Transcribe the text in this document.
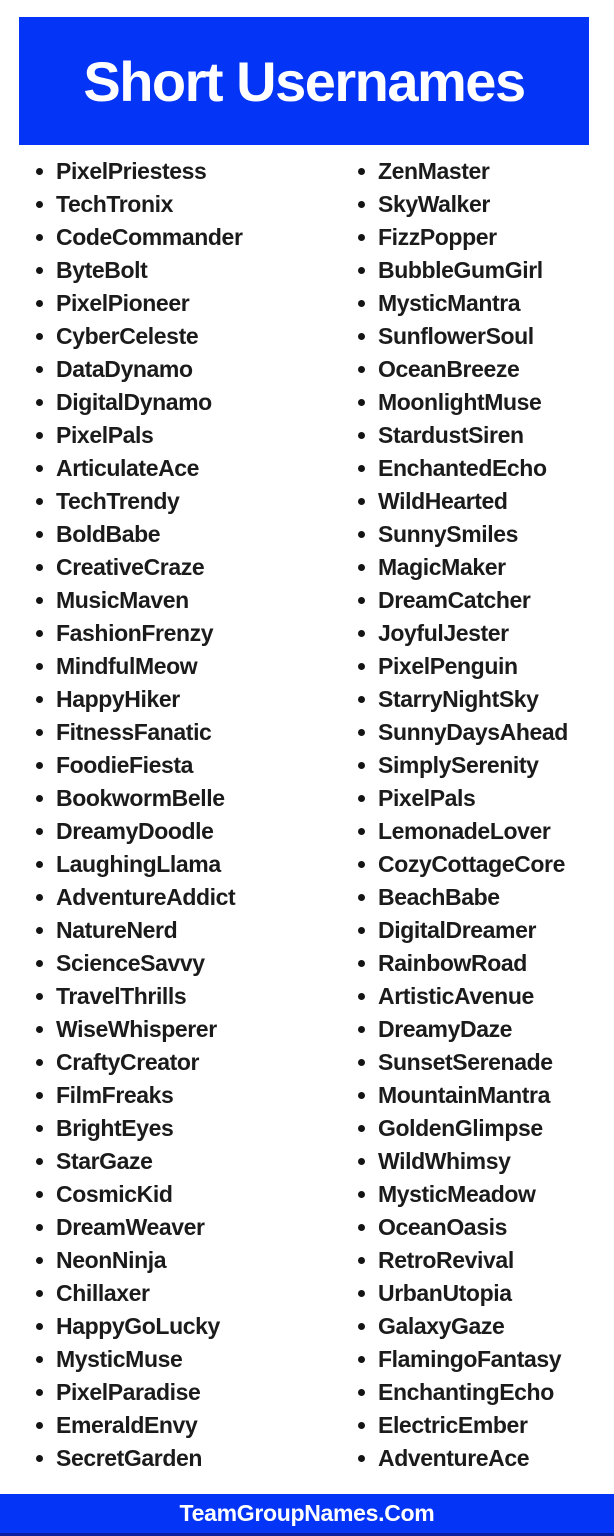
Short Usernames
PixelPriestess
TechTronix
CodeCommander
ByteBolt
PixelPioneer
CyberCeleste
DataDynamo
DigitalDynamo
PixelPals
ArticulateAce
TechTrendy
BoldBabe
CreativeCraze
MusicMaven
FashionFrenzy
MindfulMeow
HappyHiker
FitnessFanatic
FoodieFiesta
BookwormBelle
DreamyDoodle
LaughingLlama
AdventureAddict
NatureNerd
ScienceSavvy
TravelThrills
WiseWhisperer
CraftyCreator
FilmFreaks
BrightEyes
StarGaze
CosmicKid
DreamWeaver
NeonNinja
Chillaxer
HappyGoLucky
MysticMuse
PixelParadise
EmeraldEnvy
SecretGarden
ZenMaster
SkyWalker
FizzPopper
BubbleGumGirl
MysticMantra
SunflowerSoul
OceanBreeze
MoonlightMuse
StardustSiren
EnchantedEcho
WildHearted
SunnySmiles
MagicMaker
DreamCatcher
JoyfulJester
PixelPenguin
StarryNightSky
SunnyDaysAhead
SimplySerenity
PixelPals
LemonadeLover
CozyCottageCore
BeachBabe
DigitalDreamer
RainbowRoad
ArtisticAvenue
DreamyDaze
SunsetSerenade
MountainMantra
GoldenGlimpse
WildWhimsy
MysticMeadow
OceanOasis
RetroRevival
UrbanUtopia
GalaxyGaze
FlamingoFantasy
EnchantingEcho
ElectricEmber
AdventureAce
TeamGroupNames.Com
